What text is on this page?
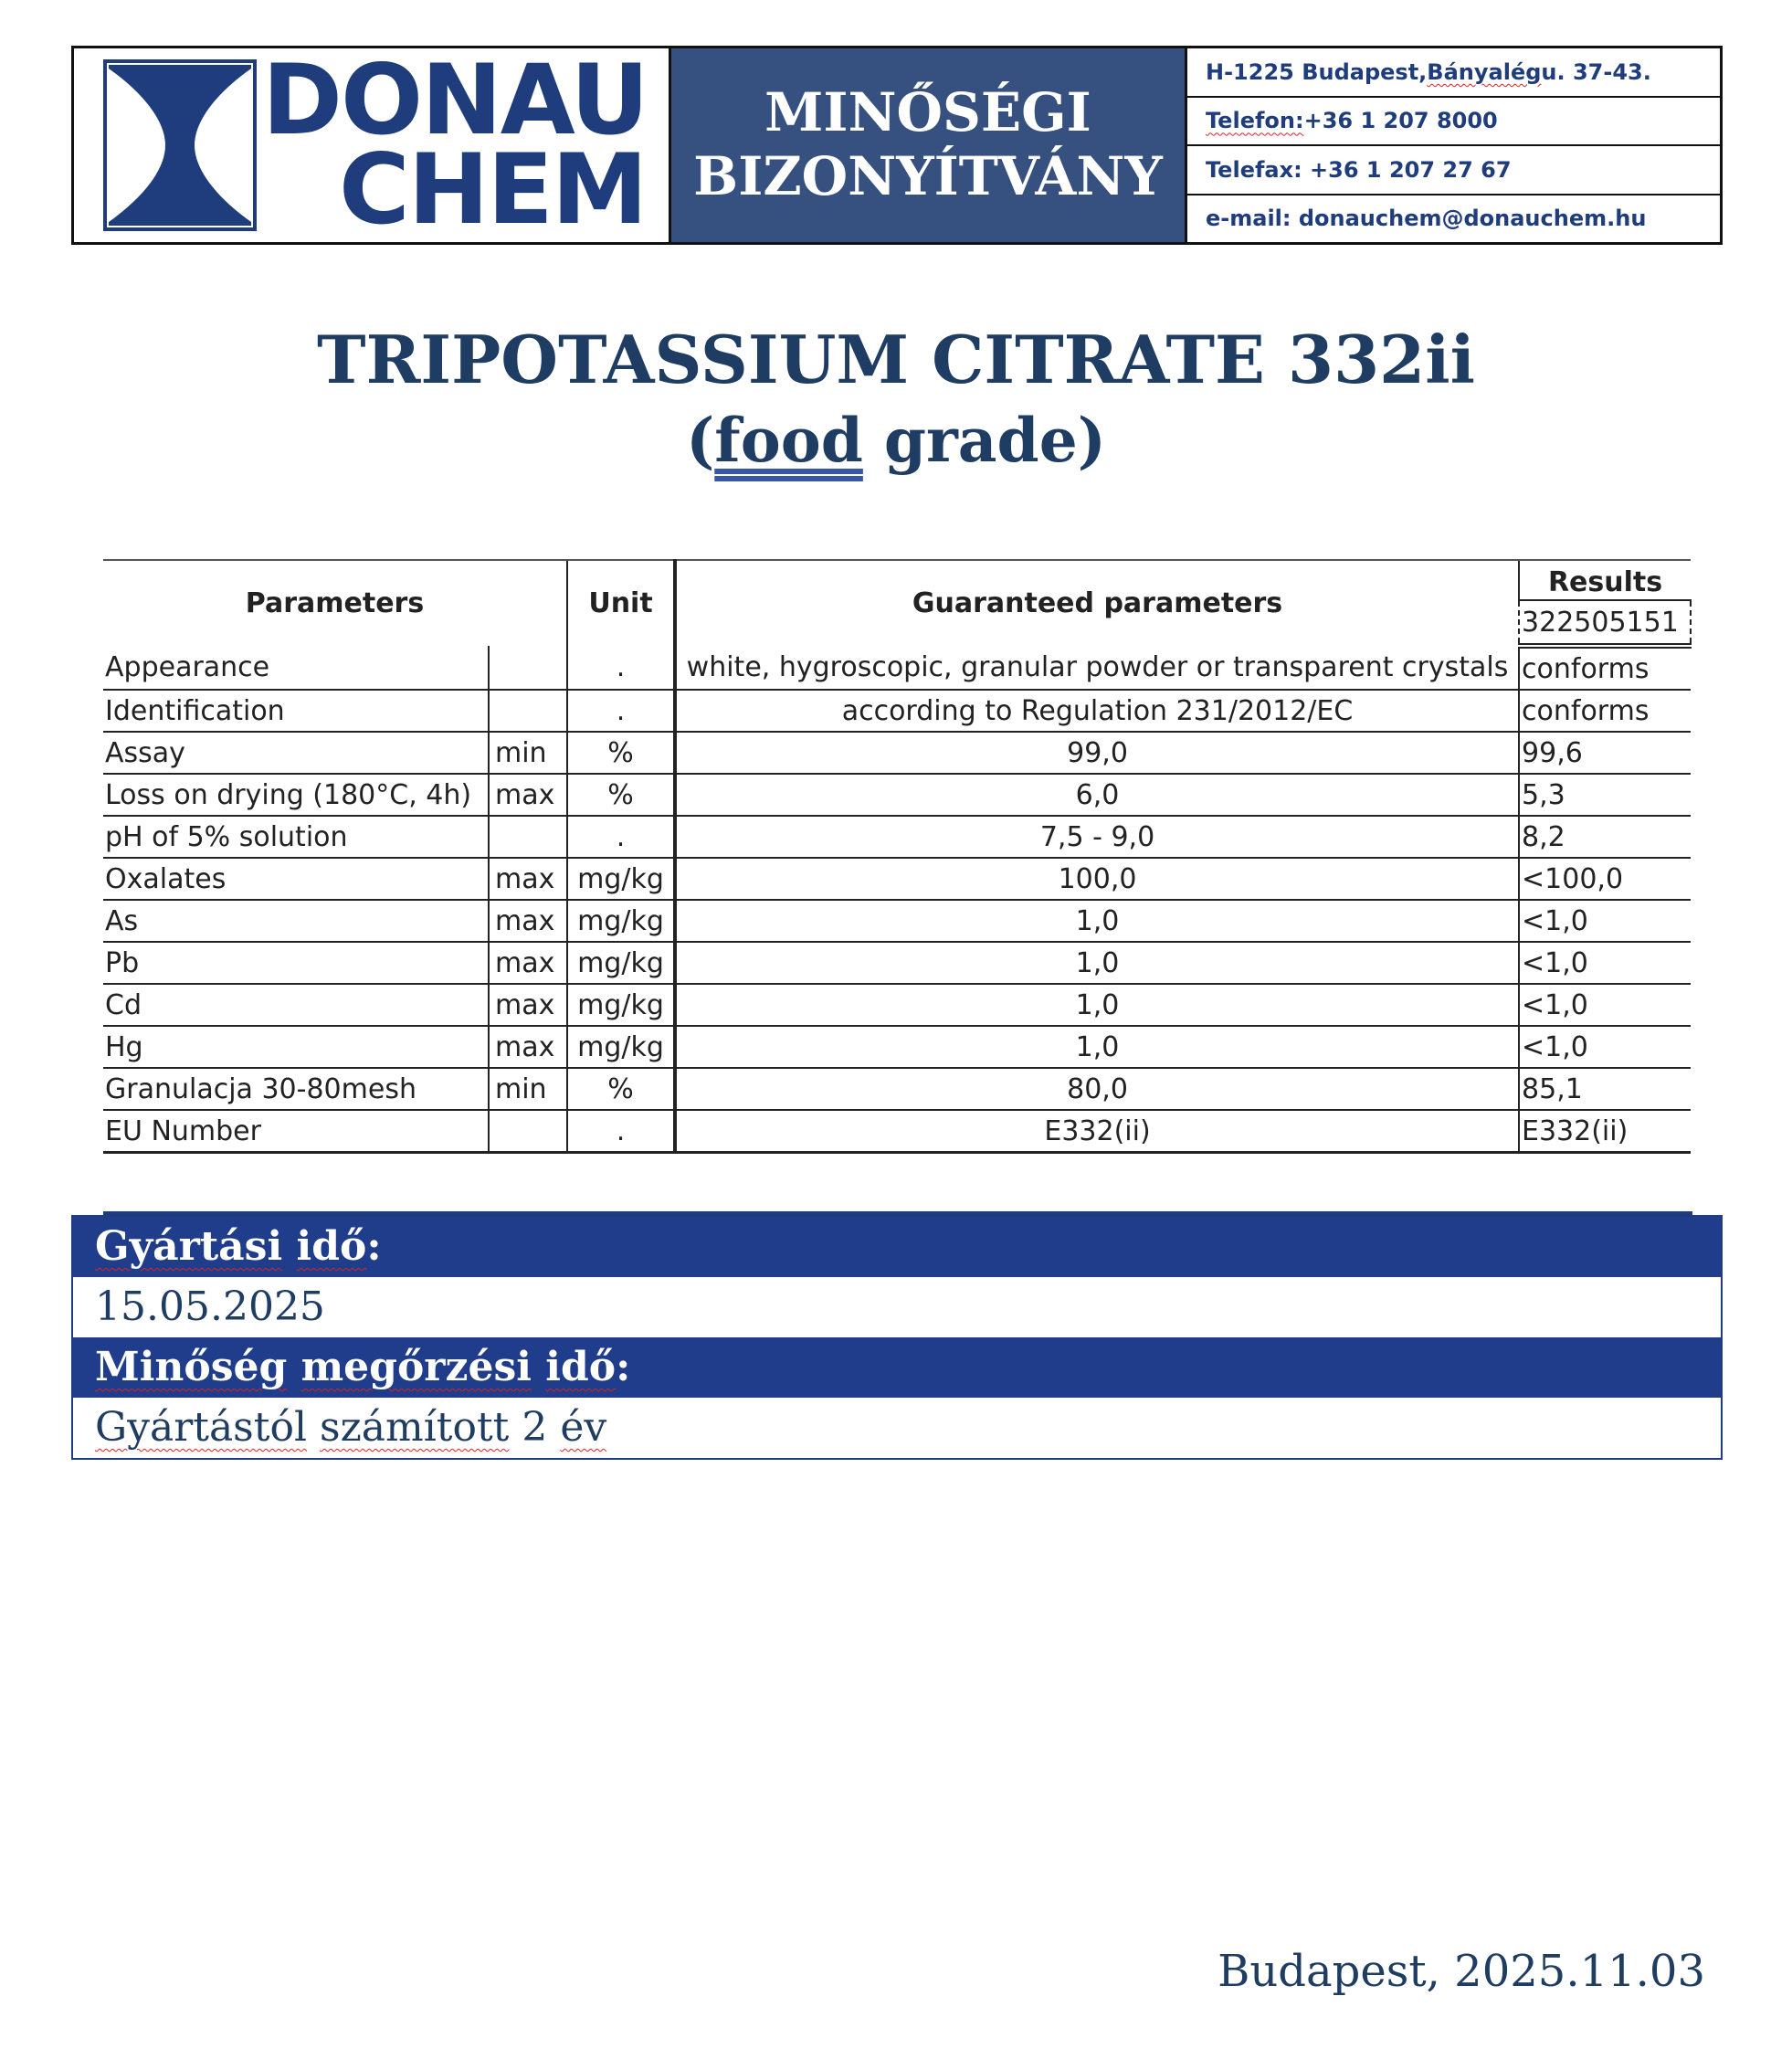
DONAU
CHEM
MINŐSÉGI
BIZONYÍTVÁNY
H-1225 Budapest, Bányalég u. 37-43.
Telefon: +36 1 207 8000
Telefax: +36 1 207 27 67
e-mail: donauchem@donauchem.hu
TRIPOTASSIUM CITRATE 332ii
(food grade)
Parameters		Unit	Guaranteed parameters	Results
				322505151
Appearance		.	white, hygroscopic, granular powder or transparent crystals	conforms
Identification		.	according to Regulation 231/2012/EC	conforms
Assay	min	%	99,0	99,6
Loss on drying (180°C, 4h)	max	%	6,0	5,3
pH of 5% solution		.	7,5 - 9,0	8,2
Oxalates	max	mg/kg	100,0	<100,0
As	max	mg/kg	1,0	<1,0
Pb	max	mg/kg	1,0	<1,0
Cd	max	mg/kg	1,0	<1,0
Hg	max	mg/kg	1,0	<1,0
Granulacja 30-80mesh	min	%	80,0	85,1
EU Number		.	E332(ii)	E332(ii)
Gyártási idő:
15.05.2025
Minőség megőrzési idő:
Gyártástól számított 2 év
Budapest, 2025.11.03
